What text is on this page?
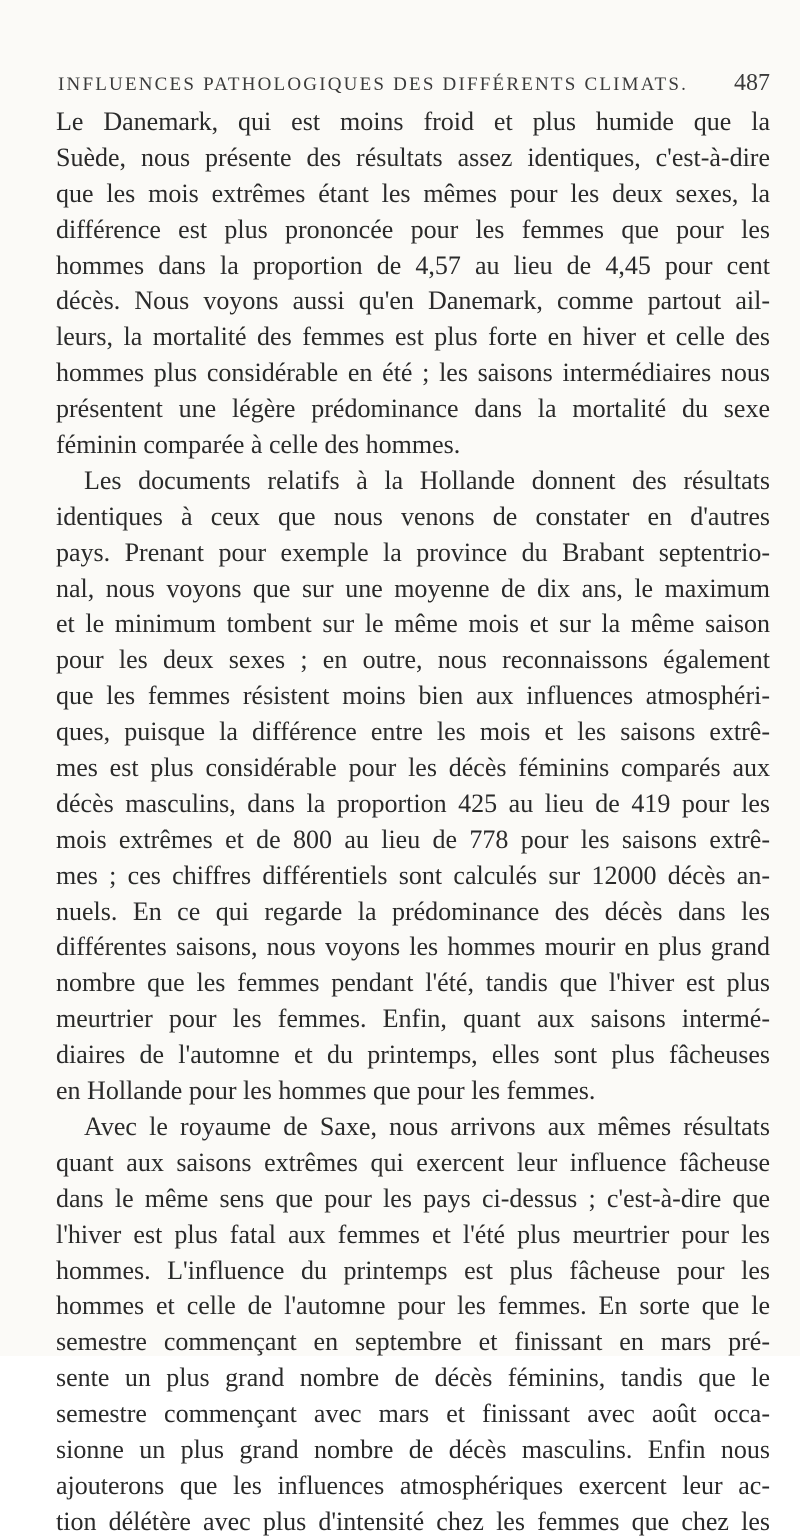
INFLUENCES PATHOLOGIQUES DES DIFFÉRENTS CLIMATS. 487
Le Danemark, qui est moins froid et plus humide que la
Suède, nous présente des résultats assez identiques, c'est-à-dire
que les mois extrêmes étant les mêmes pour les deux sexes, la
différence est plus prononcée pour les femmes que pour les
hommes dans la proportion de 4,57 au lieu de 4,45 pour cent
décès. Nous voyons aussi qu'en Danemark, comme partout ail-
leurs, la mortalité des femmes est plus forte en hiver et celle des
hommes plus considérable en été ; les saisons intermédiaires nous
présentent une légère prédominance dans la mortalité du sexe
féminin comparée à celle des hommes.
Les documents relatifs à la Hollande donnent des résultats
identiques à ceux que nous venons de constater en d'autres
pays. Prenant pour exemple la province du Brabant septentrio-
nal, nous voyons que sur une moyenne de dix ans, le maximum
et le minimum tombent sur le même mois et sur la même saison
pour les deux sexes ; en outre, nous reconnaissons également
que les femmes résistent moins bien aux influences atmosphéri-
ques, puisque la différence entre les mois et les saisons extrê-
mes est plus considérable pour les décès féminins comparés aux
décès masculins, dans la proportion 425 au lieu de 419 pour les
mois extrêmes et de 800 au lieu de 778 pour les saisons extrê-
mes ; ces chiffres différentiels sont calculés sur 12000 décès an-
nuels. En ce qui regarde la prédominance des décès dans les
différentes saisons, nous voyons les hommes mourir en plus grand
nombre que les femmes pendant l'été, tandis que l'hiver est plus
meurtrier pour les femmes. Enfin, quant aux saisons intermé-
diaires de l'automne et du printemps, elles sont plus fâcheuses
en Hollande pour les hommes que pour les femmes.
Avec le royaume de Saxe, nous arrivons aux mêmes résultats
quant aux saisons extrêmes qui exercent leur influence fâcheuse
dans le même sens que pour les pays ci-dessus ; c'est-à-dire que
l'hiver est plus fatal aux femmes et l'été plus meurtrier pour les
hommes. L'influence du printemps est plus fâcheuse pour les
hommes et celle de l'automne pour les femmes. En sorte que le
semestre commençant en septembre et finissant en mars pré-
sente un plus grand nombre de décès féminins, tandis que le
semestre commençant avec mars et finissant avec août occa-
sionne un plus grand nombre de décès masculins. Enfin nous
ajouterons que les influences atmosphériques exercent leur ac-
tion délétère avec plus d'intensité chez les femmes que chez les
